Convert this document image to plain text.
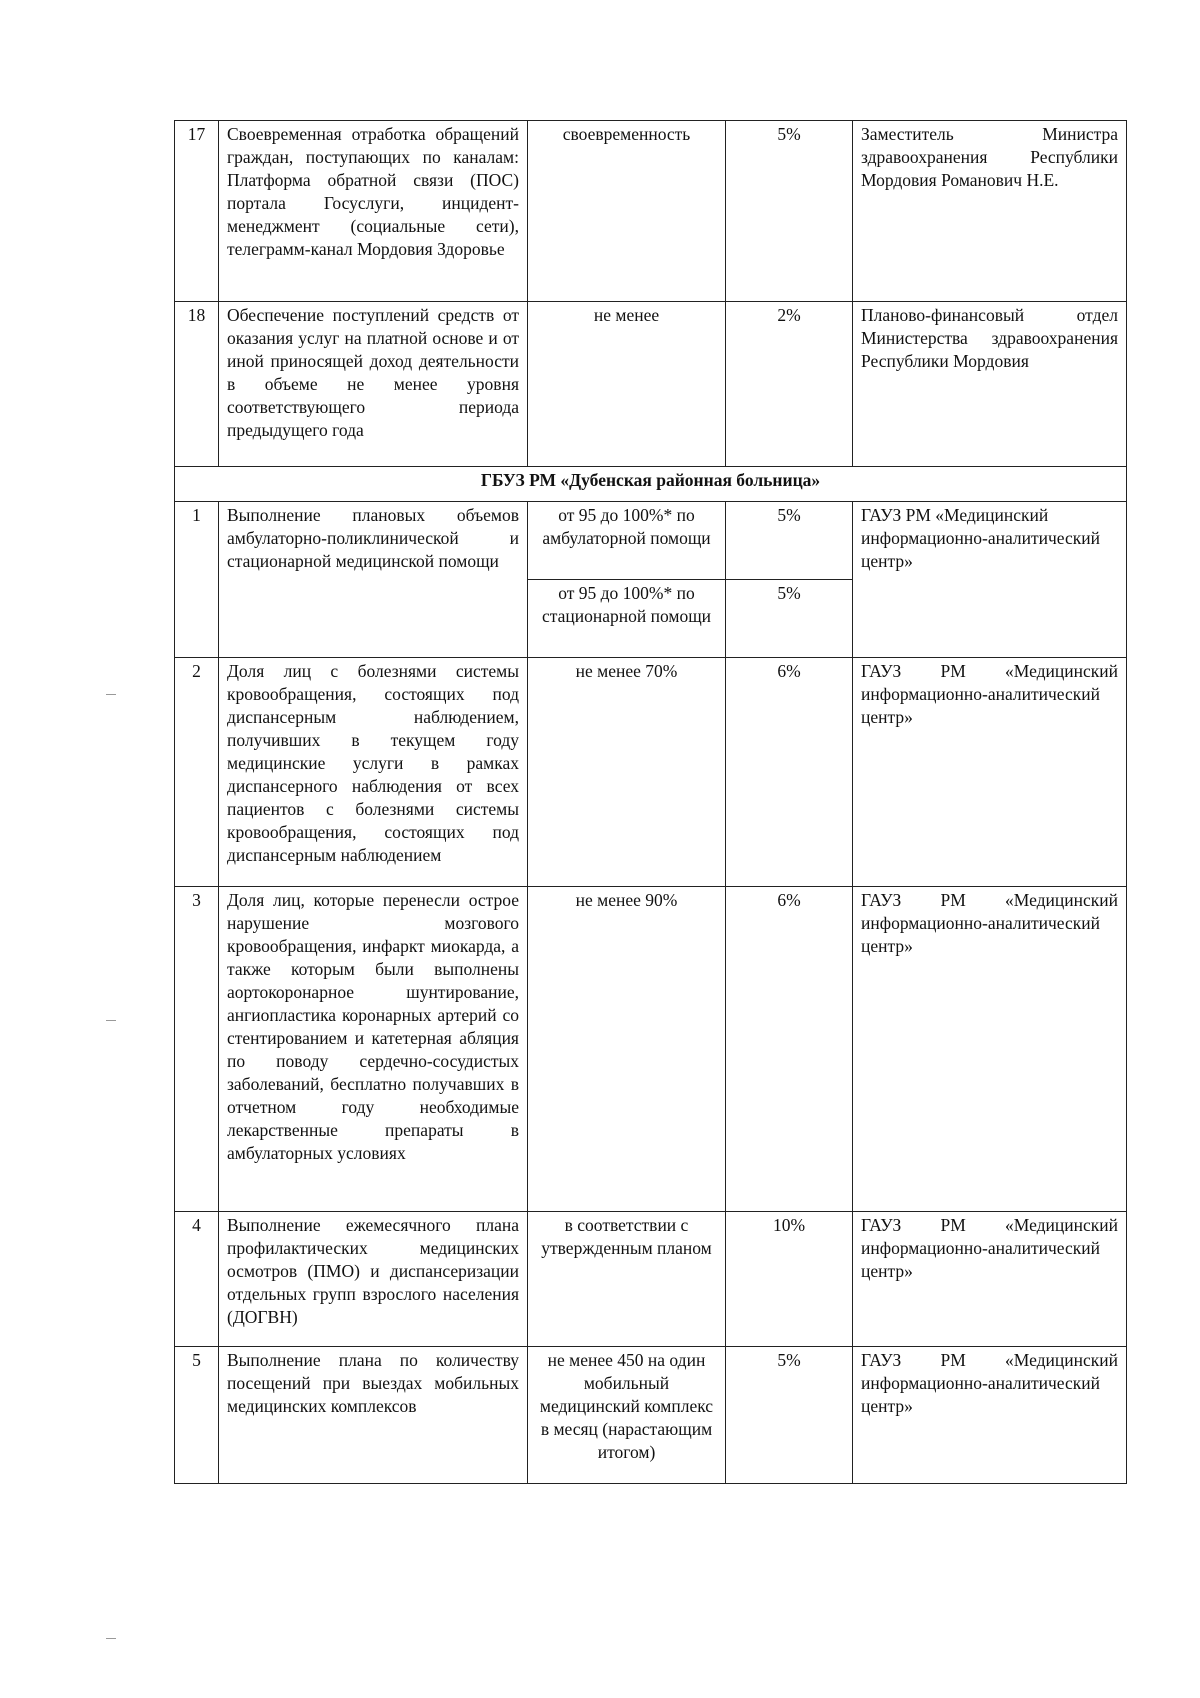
17	Своевременная отработка обращений граждан, поступающих по каналам: Платформа обратной связи (ПОС) портала Госуслуги, инцидент-менеджмент (социальные сети), телеграмм-канал Мордовия Здоровье	своевременность	5%	Заместитель Министра здравоохранения Республики Мордовия Романович Н.Е.
18	Обеспечение поступлений средств от оказания услуг на платной основе и от иной приносящей доход деятельности в объеме не менее уровня соответствующего периода предыдущего года	не менее	2%	Планово-финансовый отдел Министерства здравоохранения Республики Мордовия
ГБУЗ РМ «Дубенская районная больница»				
1	Выполнение плановых объемов амбулаторно-поликлинической и стационарной медицинской помощи	от 95 до 100%* по амбулаторной помощи	5%	ГАУЗ РМ «Медицинский информационно-аналитический центр»
		от 95 до 100%* по стационарной помощи	5%	
2	Доля лиц с болезнями системы кровообращения, состоящих под диспансерным наблюдением, получивших в текущем году медицинские услуги в рамках диспансерного наблюдения от всех пациентов с болезнями системы кровообращения, состоящих под диспансерным наблюдением	не менее 70%	6%	ГАУЗ РМ «Медицинский информационно-аналитический центр»
3	Доля лиц, которые перенесли острое нарушение мозгового кровообращения, инфаркт миокарда, а также которым были выполнены аортокоронарное шунтирование, ангиопластика коронарных артерий со стентированием и катетерная абляция по поводу сердечно-сосудистых заболеваний, бесплатно получавших в отчетном году необходимые лекарственные препараты в амбулаторных условиях	не менее 90%	6%	ГАУЗ РМ «Медицинский информационно-аналитический центр»
4	Выполнение ежемесячного плана профилактических медицинских осмотров (ПМО) и диспансеризации отдельных групп взрослого населения (ДОГВН)	в соответствии с утвержденным планом	10%	ГАУЗ РМ «Медицинский информационно-аналитический центр»
5	Выполнение плана по количеству посещений при выездах мобильных медицинских комплексов	не менее 450 на один мобильный медицинский комплекс в месяц (нарастающим итогом)	5%	ГАУЗ РМ «Медицинский информационно-аналитический центр»
